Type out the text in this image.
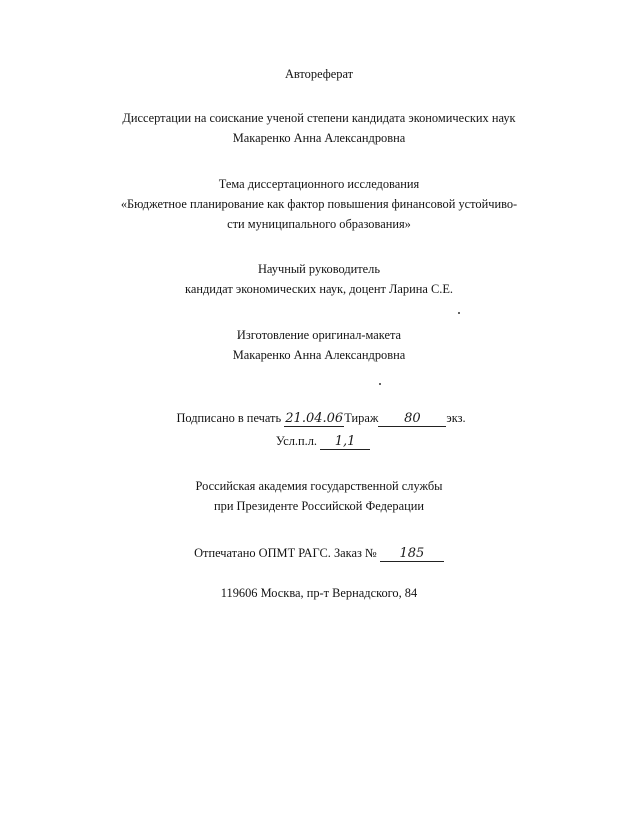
Автореферат
Диссертации на соискание ученой степени кандидата экономических наук
Макаренко Анна Александровна
Тема диссертационного исследования
«Бюджетное планирование как фактор повышения финансовой устойчиво-
сти муниципального образования»
Научный руководитель
кандидат экономических наук, доцент Ларина С.Е.
Изготовление оригинал-макета
Макаренко Анна Александровна
Подписано в печать 21.04.06Тираж 80 экз.
Усл.п.л. 1,1
Российская академия государственной службы
при Президенте Российской Федерации
Отпечатано ОПМТ РАГС. Заказ № 185
119606 Москва, пр-т Вернадского, 84
